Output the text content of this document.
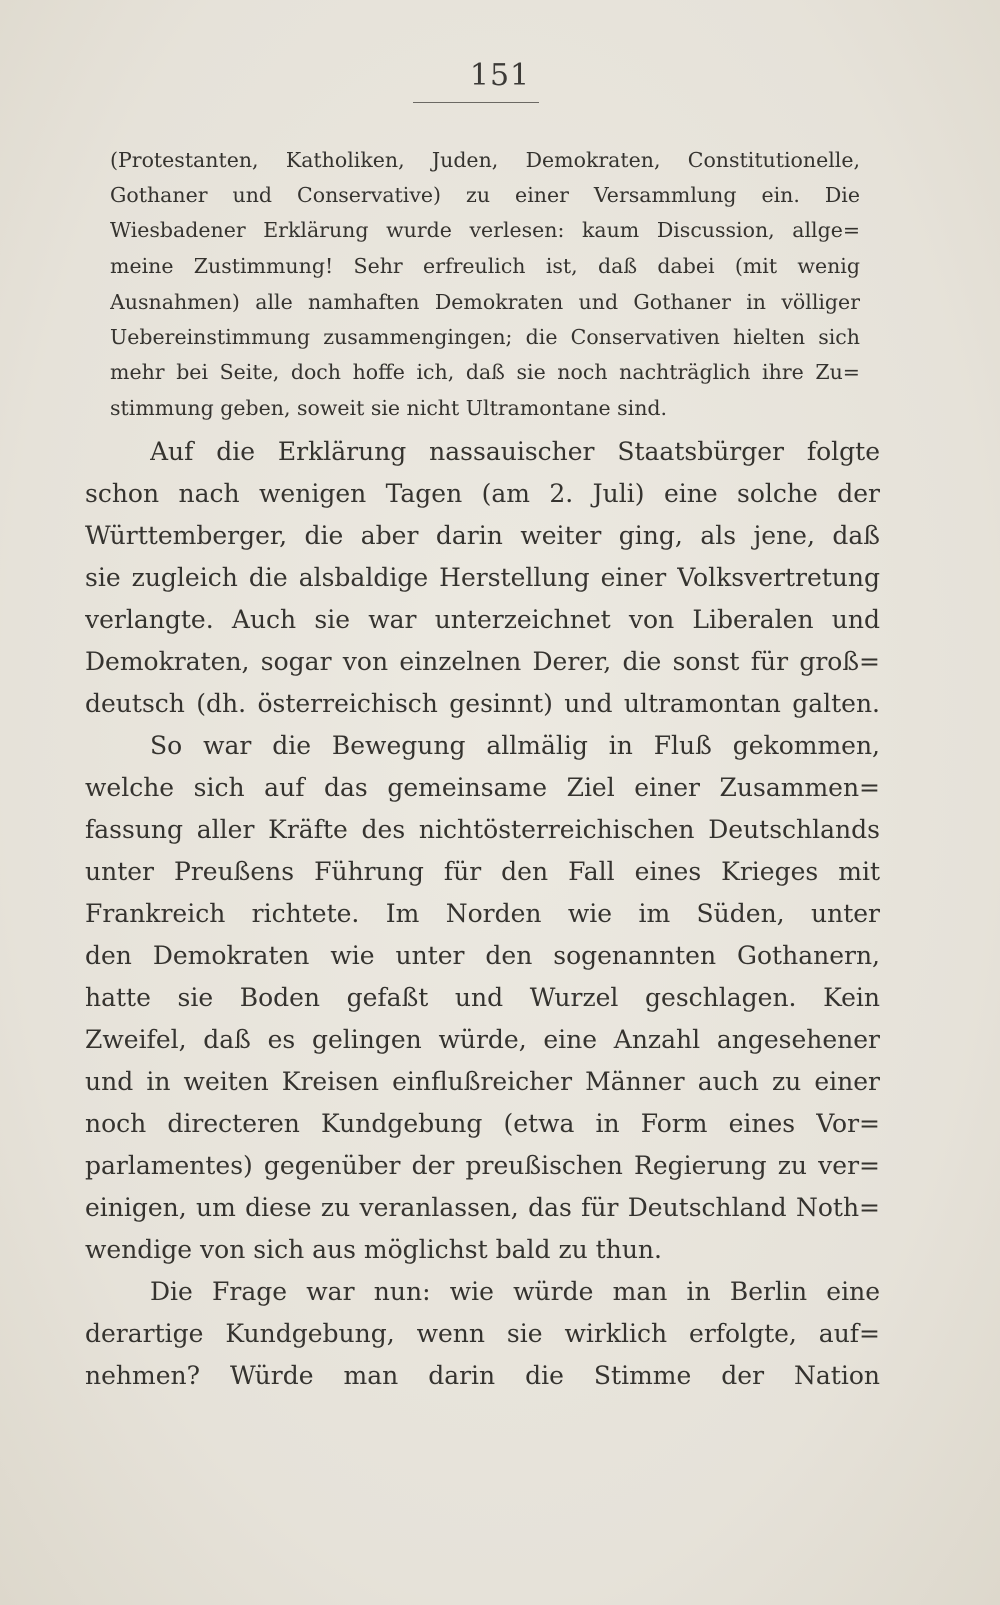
151
(Protestanten, Katholiken, Juden, Demokraten, Constitutionelle,
Gothaner und Conservative) zu einer Versammlung ein. Die
Wiesbadener Erklärung wurde verlesen: kaum Discussion, allge=
meine Zustimmung! Sehr erfreulich ist, daß dabei (mit wenig
Ausnahmen) alle namhaften Demokraten und Gothaner in völliger
Uebereinstimmung zusammengingen; die Conservativen hielten sich
mehr bei Seite, doch hoffe ich, daß sie noch nachträglich ihre Zu=
stimmung geben, soweit sie nicht Ultramontane sind.
Auf die Erklärung nassauischer Staatsbürger folgte
schon nach wenigen Tagen (am 2. Juli) eine solche der
Württemberger, die aber darin weiter ging, als jene, daß
sie zugleich die alsbaldige Herstellung einer Volksvertretung
verlangte. Auch sie war unterzeichnet von Liberalen und
Demokraten, sogar von einzelnen Derer, die sonst für groß=
deutsch (dh. österreichisch gesinnt) und ultramontan galten.
So war die Bewegung allmälig in Fluß gekommen,
welche sich auf das gemeinsame Ziel einer Zusammen=
fassung aller Kräfte des nichtösterreichischen Deutschlands
unter Preußens Führung für den Fall eines Krieges mit
Frankreich richtete. Im Norden wie im Süden, unter
den Demokraten wie unter den sogenannten Gothanern,
hatte sie Boden gefaßt und Wurzel geschlagen. Kein
Zweifel, daß es gelingen würde, eine Anzahl angesehener
und in weiten Kreisen einflußreicher Männer auch zu einer
noch directeren Kundgebung (etwa in Form eines Vor=
parlamentes) gegenüber der preußischen Regierung zu ver=
einigen, um diese zu veranlassen, das für Deutschland Noth=
wendige von sich aus möglichst bald zu thun.
Die Frage war nun: wie würde man in Berlin eine
derartige Kundgebung, wenn sie wirklich erfolgte, auf=
nehmen? Würde man darin die Stimme der Nation
